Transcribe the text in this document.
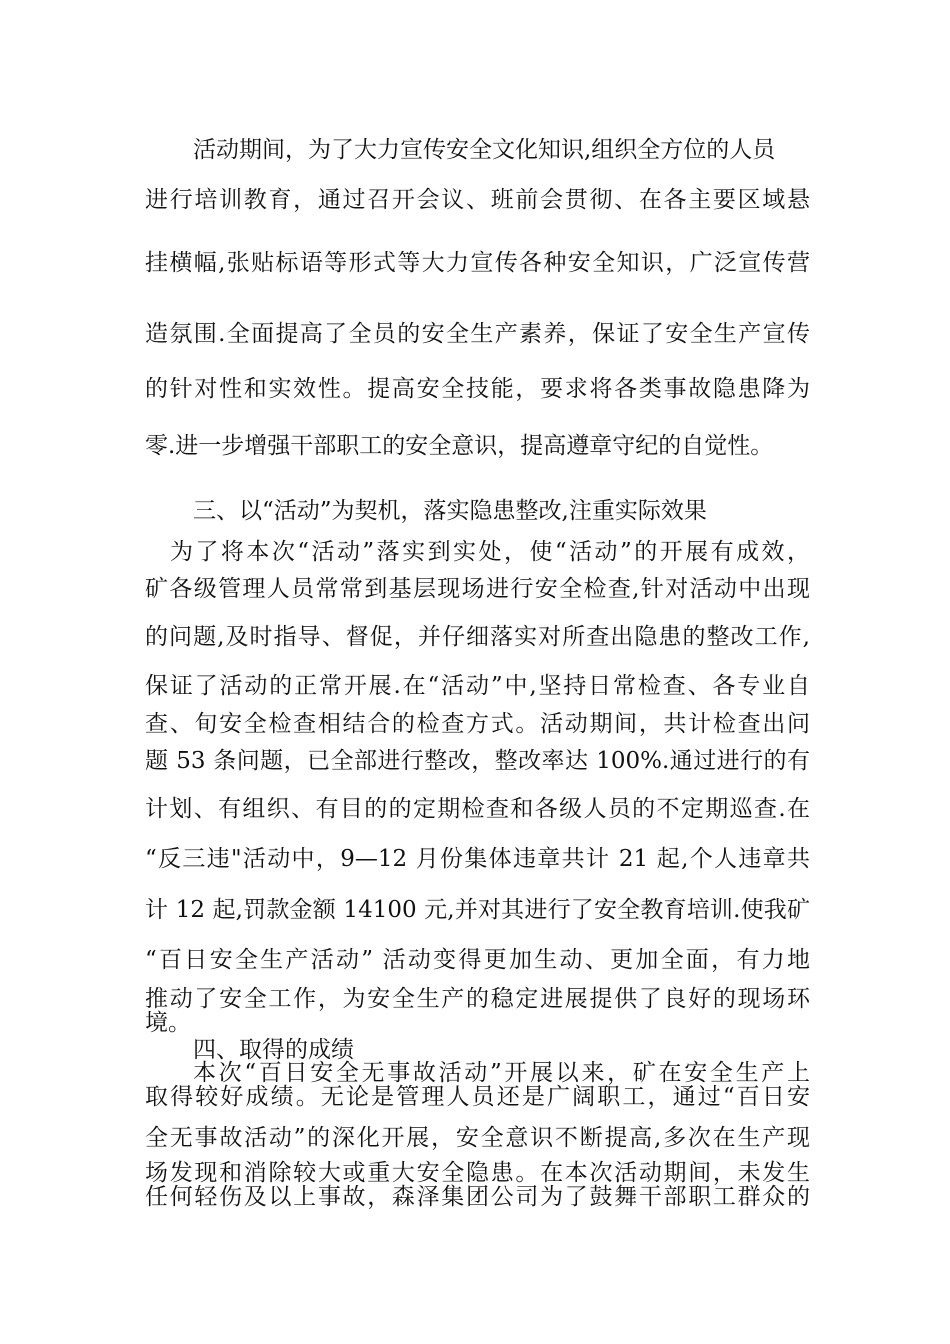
活动期间，为了大力宣传安全文化知识,组织全方位的人员
进行培训教育，通过召开会议、班前会贯彻、在各主要区域悬
挂横幅,张贴标语等形式等大力宣传各种安全知识，广泛宣传营
造氛围.全面提高了全员的安全生产素养，保证了安全生产宣传
的针对性和实效性。提高安全技能，要求将各类事故隐患降为
零.进一步增强干部职工的安全意识，提高遵章守纪的自觉性。
三、以“活动”为契机，落实隐患整改,注重实际效果
为了将本次“活动”落实到实处，使“活动”的开展有成效，
矿各级管理人员常常到基层现场进行安全检查,针对活动中出现
的问题,及时指导、督促，并仔细落实对所查出隐患的整改工作,
保证了活动的正常开展.在“活动”中,坚持日常检查、各专业自
查、旬安全检查相结合的检查方式。活动期间，共计检查出问
题 53 条问题，已全部进行整改，整改率达 100%.通过进行的有
计划、有组织、有目的的定期检查和各级人员的不定期巡查.在
“反三违"活动中，9—12 月份集体违章共计 21 起,个人违章共
计 12 起,罚款金额 14100 元,并对其进行了安全教育培训.使我矿
“百日安全生产活动” 活动变得更加生动、更加全面，有力地
推动了安全工作，为安全生产的稳定进展提供了良好的现场环
境。
四、取得的成绩
本次“百日安全无事故活动”开展以来，矿在安全生产上
取得较好成绩。无论是管理人员还是广阔职工，通过“百日安
全无事故活动”的深化开展，安全意识不断提高,多次在生产现
场发现和消除较大或重大安全隐患。在本次活动期间，未发生
任何轻伤及以上事故，森泽集团公司为了鼓舞干部职工群众的
